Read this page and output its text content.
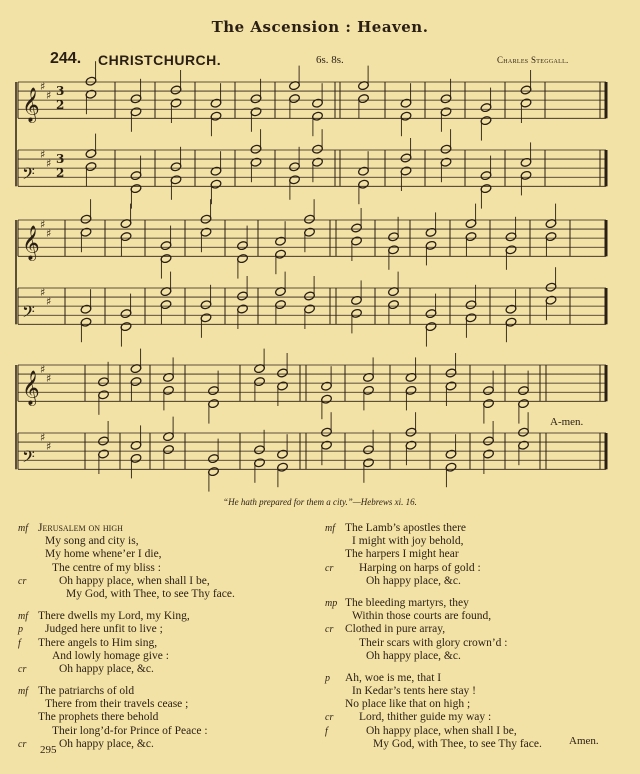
The Ascension : Heaven.
244. CHRISTCHURCH.	6s. 8s.	Charles Steggall.
𝄞
♯
♯ 3
2
𝄢
♯
♯ 3
2
𝄞
♯
♯
𝄢
♯
♯
𝄞
♯
♯
𝄢
♯
♯
A-men.
“He hath prepared for them a city.”—Hebrews xi. 16.
mf Jerusalem on high
My song and city is,
My home whene’er I die,
The centre of my bliss :
cr	Oh happy place, when shall I be,
My God, with Thee, to see Thy face.
mf There dwells my Lord, my King,
p Judged here unfit to live ;
f There angels to Him sing,
And lowly homage give :
cr	Oh happy place, &c.
mf The patriarchs of old
There from their travels cease ;
The prophets there behold
Their long’d-for Prince of Peace :
cr	Oh happy place, &c.
mf The Lamb’s apostles there
I might with joy behold,
The harpers I might hear
cr Harping on harps of gold :
Oh happy place, &c.
mp The bleeding martyrs, they
Within those courts are found,
cr Clothed in pure array,
Their scars with glory crown’d :
Oh happy place, &c.
p Ah, woe is me, that I
In Kedar’s tents here stay !
No place like that on high ;
cr Lord, thither guide my way :
f	Oh happy place, when shall I be,
My God, with Thee, to see Thy face.
295
Amen.
